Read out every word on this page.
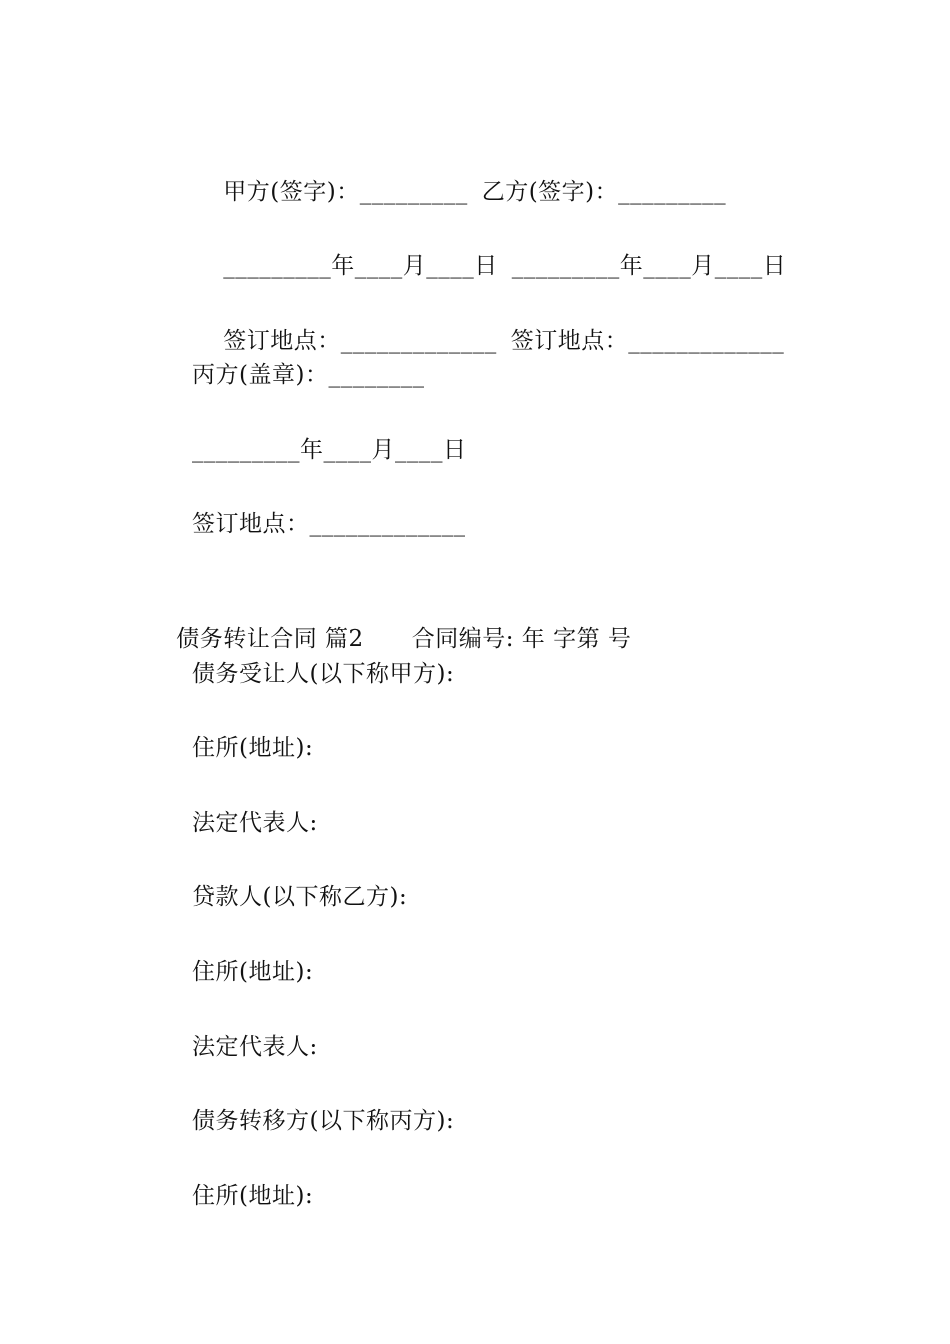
甲方(签字)：_________ 乙方(签字)：_________

_________年____月____日 _________年____月____日

签订地点：_____________ 签订地点：_____________

丙方(盖章)：________
_________年____月____日
签订地点：_____________

债务转让合同 篇2 合同编号: 年 字第 号

债务受让人(以下称甲方):
住所(地址):
法定代表人:
贷款人(以下称乙方):
住所(地址):
法定代表人:
债务转移方(以下称丙方):
住所(地址):
